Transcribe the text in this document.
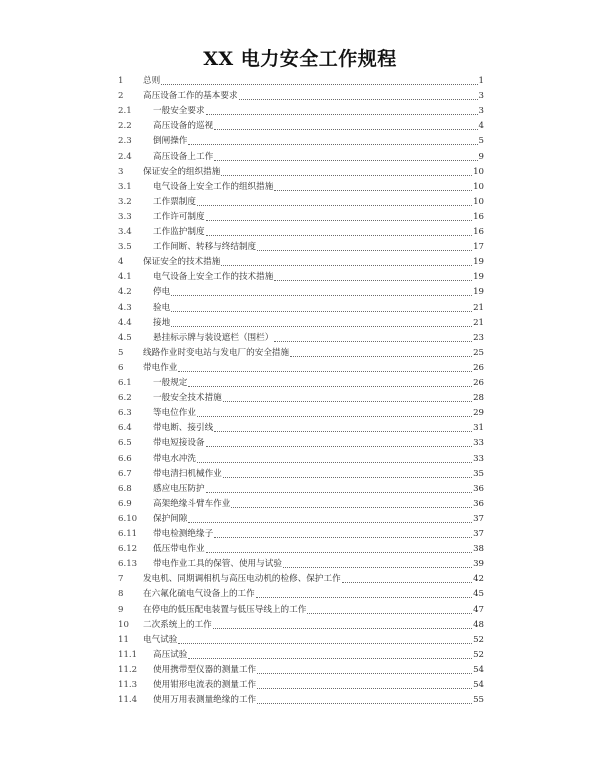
XX 电力安全工作规程
1 总则	1
2 高压设备工作的基本要求	3
2.1 一般安全要求	3
2.2 高压设备的巡视	4
2.3 倒闸操作	5
2.4 高压设备上工作	9
3 保证安全的组织措施	10
3.1 电气设备上安全工作的组织措施	10
3.2 工作票制度	10
3.3 工作许可制度	16
3.4 工作监护制度	16
3.5 工作间断、转移与终结制度	17
4 保证安全的技术措施	19
4.1 电气设备上安全工作的技术措施	19
4.2 停电	19
4.3 验电	21
4.4 接地	21
4.5 悬挂标示牌与装设遮栏（围栏）	23
5 线路作业时变电站与发电厂的安全措施	25
6 带电作业	26
6.1 一般规定	26
6.2 一般安全技术措施	28
6.3 等电位作业	29
6.4 带电断、接引线	31
6.5 带电短接设备	33
6.6 带电水冲洗	33
6.7 带电清扫机械作业	35
6.8 感应电压防护	36
6.9 高架绝缘斗臂车作业	36
6.10 保护间隙	37
6.11 带电检测绝缘子	37
6.12 低压带电作业	38
6.13 带电作业工具的保管、使用与试验	39
7 发电机、同期调相机与高压电动机的检修、保护工作	42
8 在六氟化硫电气设备上的工作	45
9 在停电的低压配电装置与低压导线上的工作	47
10 二次系统上的工作	48
11 电气试验	52
11.1 高压试验	52
11.2 使用携带型仪器的测量工作	54
11.3 使用钳形电流表的测量工作	54
11.4 使用万用表测量绝缘的工作	55
